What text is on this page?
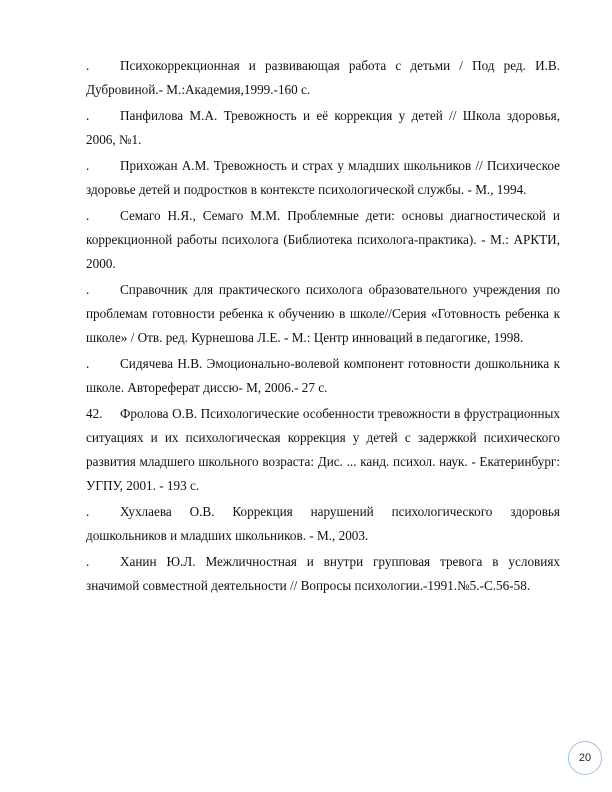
. Психокоррекционная и развивающая работа с детьми / Под ред. И.В. Дубровиной.- М.:Академия,1999.-160 с.

. Панфилова М.А. Тревожность и её коррекция у детей // Школа здоровья, 2006, №1.

. Прихожан А.М. Тревожность и страх у младших школьников // Психическое здоровье детей и подростков в контексте психологической службы. - М., 1994.

. Семаго Н.Я., Семаго М.М. Проблемные дети: основы диагностической и коррекционной работы психолога (Библиотека психолога-практика). - М.: АРКТИ, 2000.

. Справочник для практического психолога образовательного учреждения по проблемам готовности ребенка к обучению в школе//Серия «Готовность ребенка к школе» / Отв. ред. Курнешова Л.Е. - М.: Центр инноваций в педагогике, 1998.

. Сидячева Н.В. Эмоционально-волевой компонент готовности дошкольника к школе. Автореферат диссю- М, 2006.- 27 с.

42. Фролова О.В. Психологические особенности тревожности в фрустрационных ситуациях и их психологическая коррекция у детей с задержкой психического развития младшего школьного возраста: Дис. ... канд. психол. наук. - Екатеринбург: УГПУ, 2001. - 193 с.

. Хухлаева О.В. Коррекция нарушений психологического здоровья дошкольников и младших школьников. - М., 2003.

. Ханин Ю.Л. Межличностная и внутри групповая тревога в условиях значимой совместной деятельности // Вопросы психологии.-1991.№5.-С.56-58.

20
